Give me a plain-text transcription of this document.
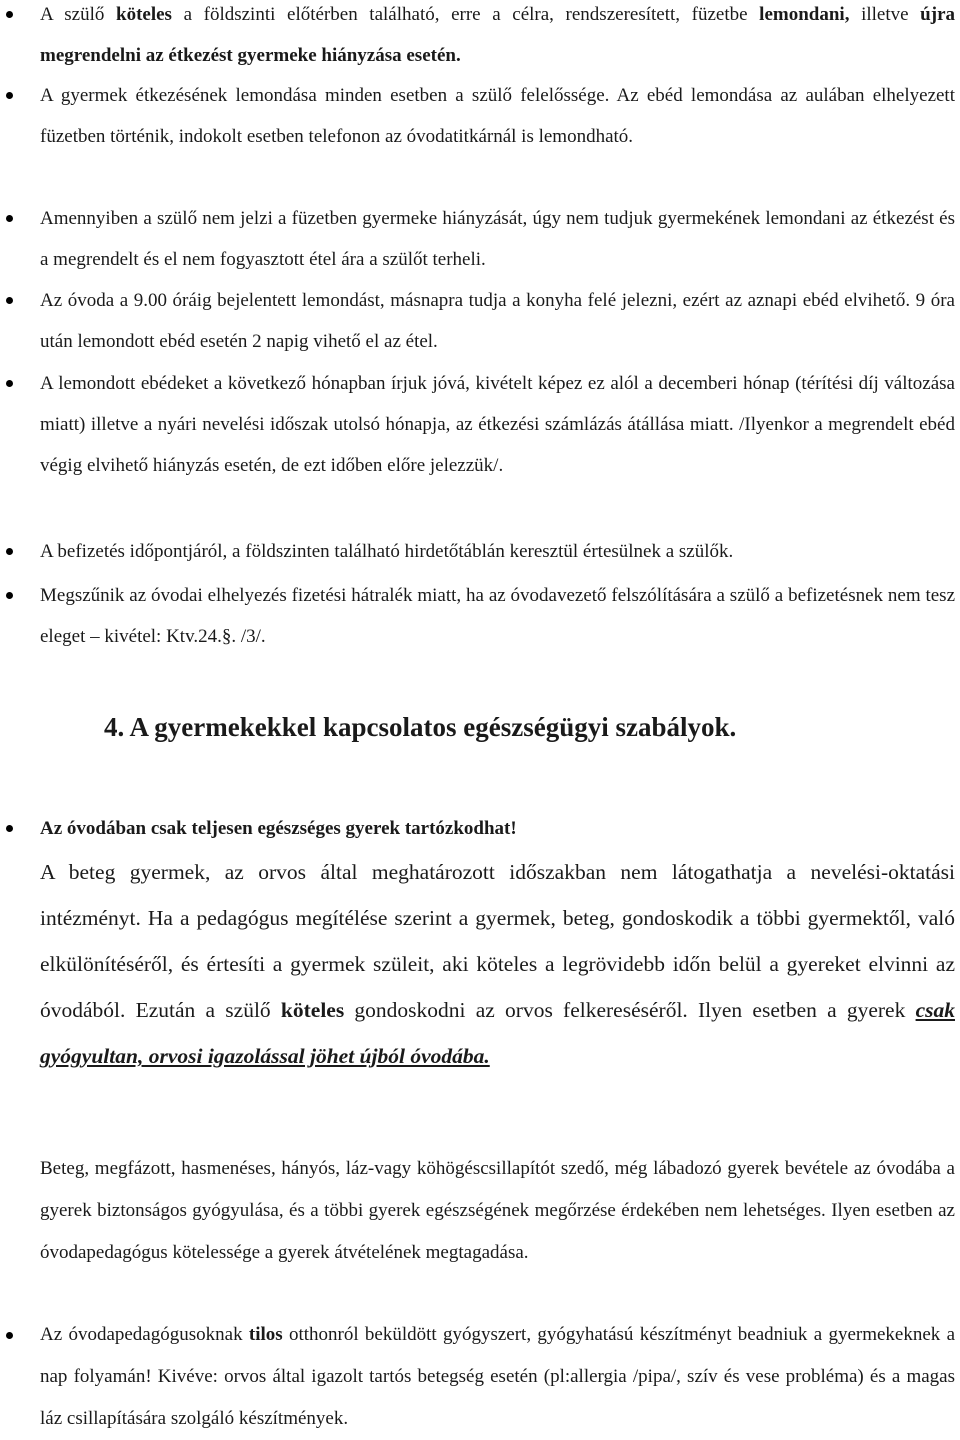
A szülő köteles a földszinti előtérben található, erre a célra, rendszeresített, füzetbe lemondani, illetve újra megrendelni az étkezést gyermeke hiányzása esetén.
A gyermek étkezésének lemondása minden esetben a szülő felelőssége. Az ebéd lemondása az aulában elhelyezett füzetben történik, indokolt esetben telefonon az óvodatitkárnál is lemondható.
Amennyiben a szülő nem jelzi a füzetben gyermeke hiányzását, úgy nem tudjuk gyermekének lemondani az étkezést és a megrendelt és el nem fogyasztott étel ára a szülőt terheli.
Az óvoda a 9.00 óráig bejelentett lemondást, másnapra tudja a konyha felé jelezni, ezért az aznapi ebéd elvihető. 9 óra után lemondott ebéd esetén 2 napig vihető el az étel.
A lemondott ebédeket a következő hónapban írjuk jóvá, kivételt képez ez alól a decemberi hónap (térítési díj változása miatt) illetve a nyári nevelési időszak utolsó hónapja, az étkezési számlázás átállása miatt. /Ilyenkor a megrendelt ebéd végig elvihető hiányzás esetén, de ezt időben előre jelezzük/.
A befizetés időpontjáról, a földszinten található hirdetőtáblán keresztül értesülnek a szülők.
Megszűnik az óvodai elhelyezés fizetési hátralék miatt, ha az óvodavezető felszólítására a szülő a befizetésnek nem tesz eleget – kivétel: Ktv.24.§. /3/.
4. A gyermekekkel kapcsolatos egészségügyi szabályok.
Az óvodában csak teljesen egészséges gyerek tartózkodhat!
A beteg gyermek, az orvos által meghatározott időszakban nem látogathatja a nevelési-oktatási intézményt. Ha a pedagógus megítélése szerint a gyermek, beteg, gondoskodik a többi gyermektől, való elkülönítéséről, és értesíti a gyermek szüleit, aki köteles a legrövidebb időn belül a gyereket elvinni az óvodából. Ezután a szülő köteles gondoskodni az orvos felkereséséről. Ilyen esetben a gyerek csak gyógyultan, orvosi igazolással jöhet újból óvodába.
Beteg, megfázott, hasmenéses, hányós, láz-vagy köhögéscsillapítót szedő, még lábadozó gyerek bevétele az óvodába a gyerek biztonságos gyógyulása, és a többi gyerek egészségének megőrzése érdekében nem lehetséges. Ilyen esetben az óvodapedagógus kötelessége a gyerek átvételének megtagadása.
Az óvodapedagógusoknak tilos otthonról beküldött gyógyszert, gyógyhatású készítményt beadniuk a gyermekeknek a nap folyamán! Kivéve: orvos által igazolt tartós betegség esetén (pl:allergia /pipa/, szív és vese probléma) és a magas láz csillapítására szolgáló készítmények.
